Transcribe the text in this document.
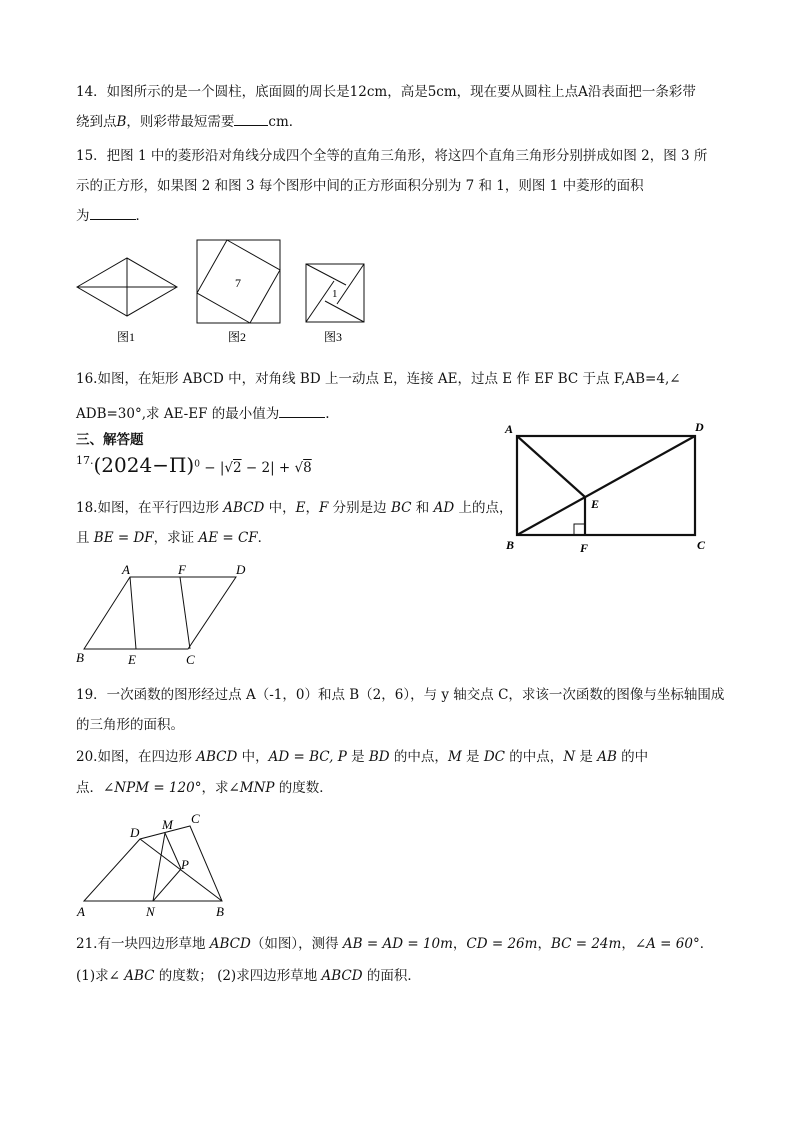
14．如图所示的是一个圆柱，底面圆的周长是12cm，高是5cm，现在要从圆柱上点A沿表面把一条彩带
绕到点B，则彩带最短需要	cm．
15．把图 1 中的菱形沿对角线分成四个全等的直角三角形，将这四个直角三角形分别拼成如图 2，图 3 所
示的正方形，如果图 2 和图 3 每个图形中间的正方形面积分别为 7 和 1，则图 1 中菱形的面积
为	．
7
1
图1	图2	图3
A	D
E
B	F	C
A	F	D
B	E	C
D
M C
P
A	N	B
16.如图，在矩形 ABCD 中，对角线 BD 上一动点 E，连接 AE，过点 E 作 EF BC 于点 F,AB=4,∠
ADB=30°,求 AE-EF 的最小值为	.
三、解答题
$^{17.}(2024-\Pi)^0 - |√2 - 2| + √8$
18.如图，在平行四边形 ABCD 中，E，F 分别是边 BC 和 AD 上的点，
且 BE = DF，求证 AE = CF．
19．一次函数的图形经过点 A（-1，0）和点 B（2，6），与 y 轴交点 C，求该一次函数的图像与坐标轴围成
的三角形的面积。
20.如图，在四边形 ABCD 中，AD = BC, P 是 BD 的中点，M 是 DC 的中点，N 是 AB 的中
点．∠NPM = 120°，求∠MNP 的度数．
21.有一块四边形草地 ABCD（如图），测得 AB = AD = 10m，CD = 26m，BC = 24m，∠A = 60°．
(1)求∠ ABC 的度数； (2)求四边形草地 ABCD 的面积．
